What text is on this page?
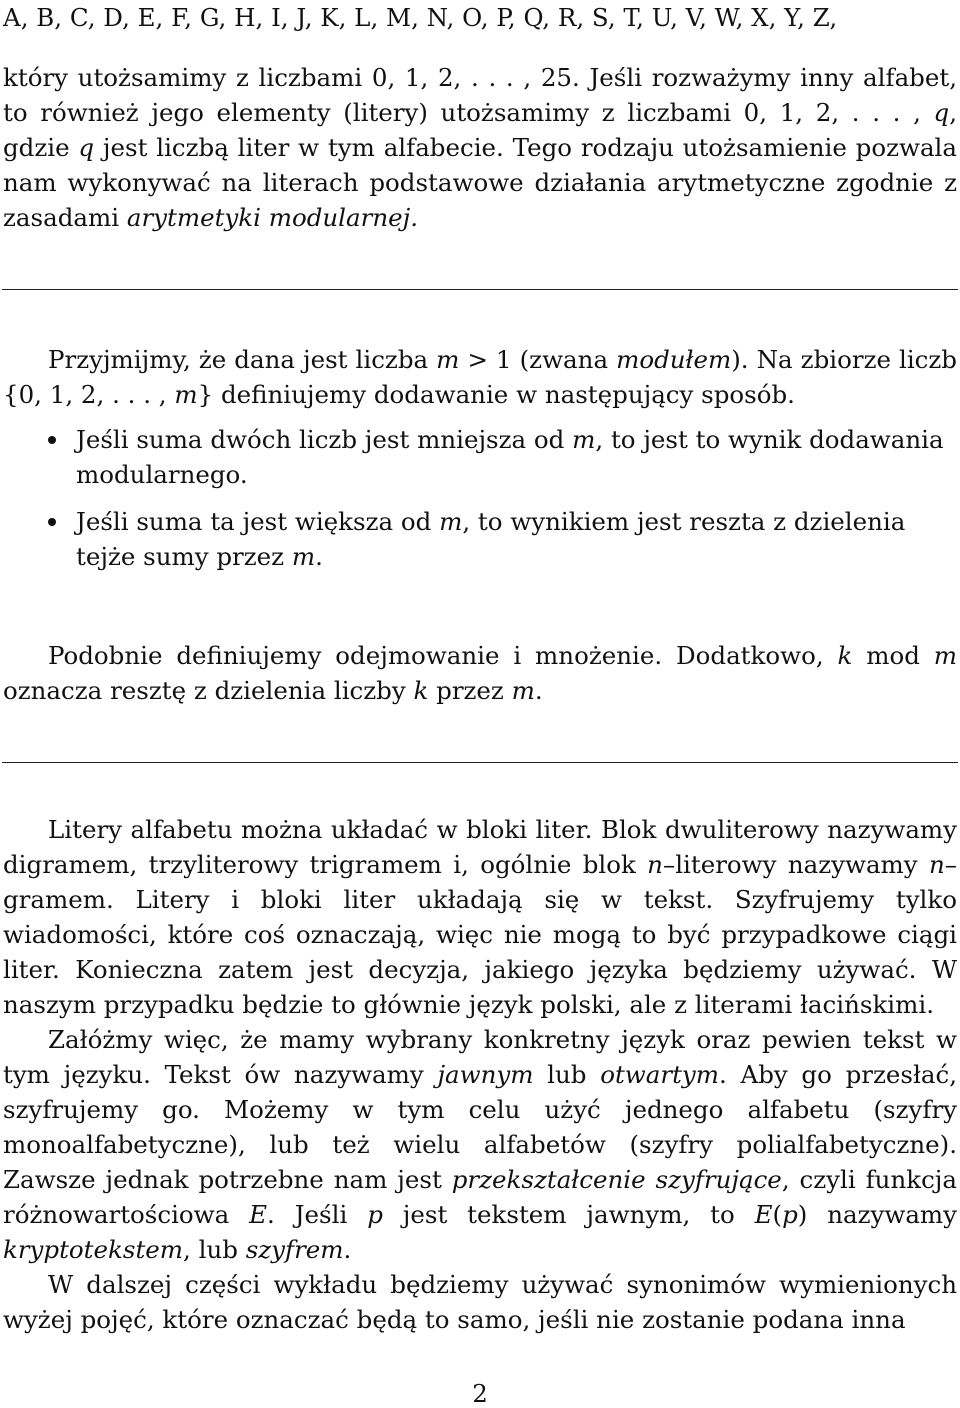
A, B, C, D, E, F, G, H, I, J, K, L, M, N, O, P, Q, R, S, T, U, V, W, X, Y, Z,

który utożsamimy z liczbami 0, 1, 2, . . . , 25. Jeśli rozważymy inny alfabet, to również jego elementy (litery) utożsamimy z liczbami 0, 1, 2, . . . , q, gdzie q jest liczbą liter w tym alfabecie. Tego rodzaju utożsamienie pozwala nam wykonywać na literach podstawowe działania arytmetyczne zgodnie z zasadami arytmetyki modularnej.

Przyjmijmy, że dana jest liczba m > 1 (zwana modułem). Na zbiorze liczb {0, 1, 2, . . . , m} definiujemy dodawanie w następujący sposób.

Jeśli suma dwóch liczb jest mniejsza od m, to jest to wynik dodawania modularnego.
Jeśli suma ta jest większa od m, to wynikiem jest reszta z dzielenia tejże sumy przez m.

Podobnie definiujemy odejmowanie i mnożenie. Dodatkowo, k mod m oznacza resztę z dzielenia liczby k przez m.

Litery alfabetu można układać w bloki liter. Blok dwuliterowy nazywamy digramem, trzyliterowy trigramem i, ogólnie blok n–literowy nazywamy n–gramem. Litery i bloki liter układają się w tekst. Szyfrujemy tylko wiadomości, które coś oznaczają, więc nie mogą to być przypadkowe ciągi liter. Konieczna zatem jest decyzja, jakiego języka będziemy używać. W naszym przypadku będzie to głównie język polski, ale z literami łacińskimi.

Załóżmy więc, że mamy wybrany konkretny język oraz pewien tekst w tym języku. Tekst ów nazywamy jawnym lub otwartym. Aby go przesłać, szyfrujemy go. Możemy w tym celu użyć jednego alfabetu (szyfry monoalfabetyczne), lub też wielu alfabetów (szyfry polialfabetyczne). Zawsze jednak potrzebne nam jest przekształcenie szyfrujące, czyli funkcja różnowartościowa E. Jeśli p jest tekstem jawnym, to E(p) nazywamy kryptotekstem, lub szyfrem.

W dalszej części wykładu będziemy używać synonimów wymienionych wyżej pojęć, które oznaczać będą to samo, jeśli nie zostanie podana inna

2
